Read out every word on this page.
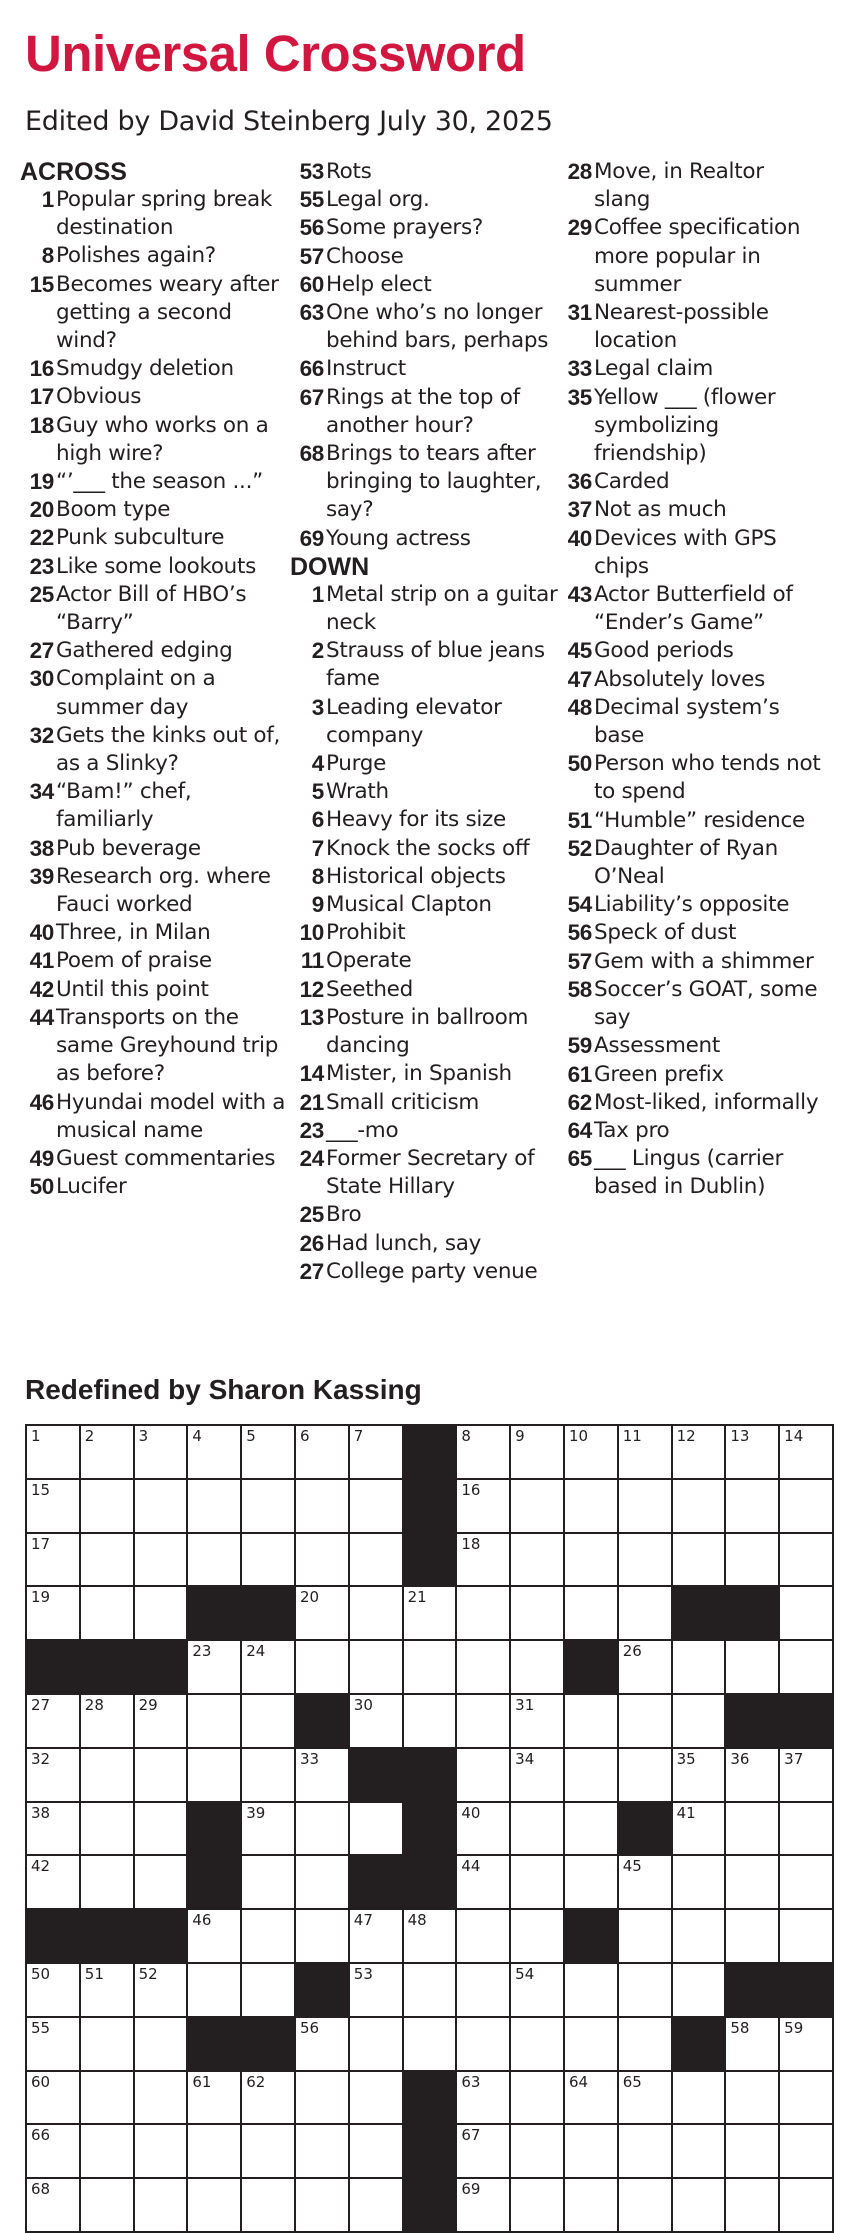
Universal Crossword
Edited by David Steinberg July 30, 2025
ACROSS
1 Popular spring break destination
8 Polishes again?
15 Becomes weary after getting a second wind?
16 Smudgy deletion
17 Obvious
18 Guy who works on a high wire?
19 “’___ the season ...”
20 Boom type
22 Punk subculture
23 Like some lookouts
25 Actor Bill of HBO’s “Barry”
27 Gathered edging
30 Complaint on a summer day
32 Gets the kinks out of, as a Slinky?
34 “Bam!” chef, familiarly
38 Pub beverage
39 Research org. where Fauci worked
40 Three, in Milan
41 Poem of praise
42 Until this point
44 Transports on the same Greyhound trip as before?
46 Hyundai model with a musical name
49 Guest commentaries
50 Lucifer
53 Rots
55 Legal org.
56 Some prayers?
57 Choose
60 Help elect
63 One who’s no longer behind bars, perhaps
66 Instruct
67 Rings at the top of another hour?
68 Brings to tears after bringing to laughter, say?
69 Young actress
DOWN
1 Metal strip on a guitar neck
2 Strauss of blue jeans fame
3 Leading elevator company
4 Purge
5 Wrath
6 Heavy for its size
7 Knock the socks off
8 Historical objects
9 Musical Clapton
10 Prohibit
11 Operate
12 Seethed
13 Posture in ballroom dancing
14 Mister, in Spanish
21 Small criticism
23 ___-mo
24 Former Secretary of State Hillary
25 Bro
26 Had lunch, say
27 College party venue
28 Move, in Realtor slang
29 Coffee specification more popular in summer
31 Nearest-possible location
33 Legal claim
35 Yellow ___ (flower symbolizing friendship)
36 Carded
37 Not as much
40 Devices with GPS chips
43 Actor Butterfield of “Ender’s Game”
45 Good periods
47 Absolutely loves
48 Decimal system’s base
50 Person who tends not to spend
51 “Humble” residence
52 Daughter of Ryan O’Neal
54 Liability’s opposite
56 Speck of dust
57 Gem with a shimmer
58 Soccer’s GOAT, some say
59 Assessment
61 Green prefix
62 Most-liked, informally
64 Tax pro
65 ___ Lingus (carrier based in Dublin)
Redefined by Sharon Kassing
1	2	3	4	5	6	7	8	9	10 11 12 13 14
15	16
17	18
19	20	21
23 24	26
27 28 29	30	31
32	33	34	35 36 37
38	39	40	41
42	44	45
46	47 48
50 51 52	53	54
55	56	58 59
60	61 62	63	64 65
66	67
68	69
